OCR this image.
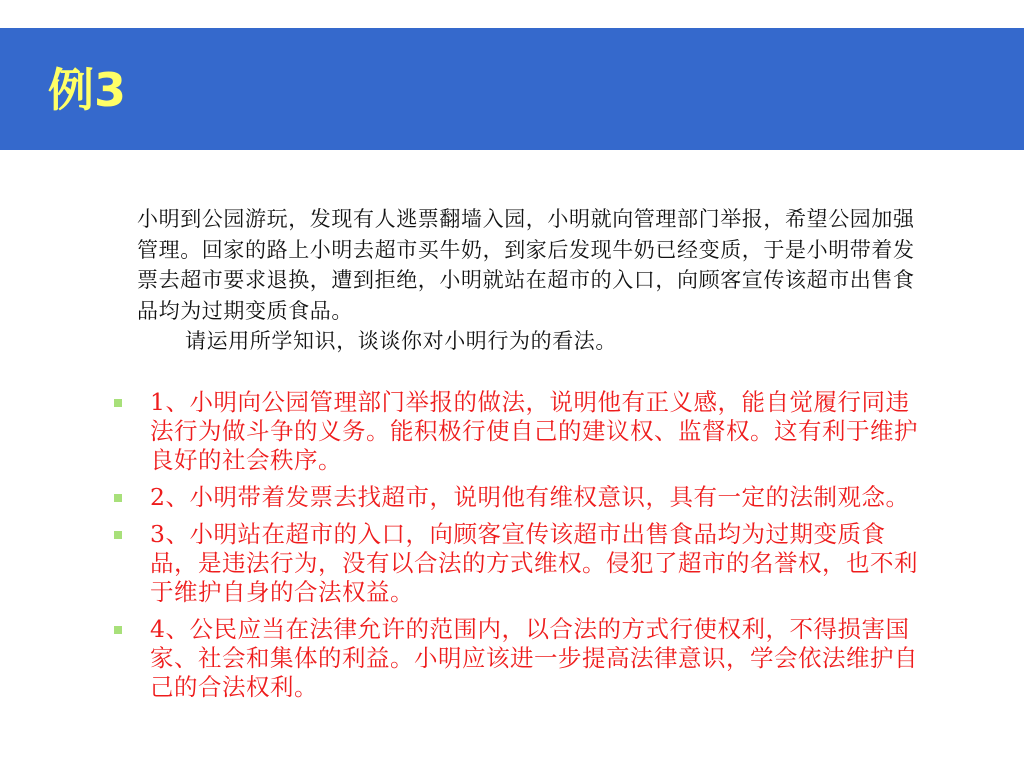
例3

小明到公园游玩，发现有人逃票翻墙入园，小明就向管理部门举报，希望公园加强管理。回家的路上小明去超市买牛奶，到家后发现牛奶已经变质，于是小明带着发票去超市要求退换，遭到拒绝，小明就站在超市的入口，向顾客宣传该超市出售食品均为过期变质食品。

请运用所学知识，谈谈你对小明行为的看法。

1、小明向公园管理部门举报的做法，说明他有正义感，能自觉履行同违法行为做斗争的义务。能积极行使自己的建议权、监督权。这有利于维护良好的社会秩序。
2、小明带着发票去找超市，说明他有维权意识，具有一定的法制观念。
3、小明站在超市的入口，向顾客宣传该超市出售食品均为过期变质食品，是违法行为，没有以合法的方式维权。侵犯了超市的名誉权，也不利于维护自身的合法权益。
4、公民应当在法律允许的范围内，以合法的方式行使权利，不得损害国家、社会和集体的利益。小明应该进一步提高法律意识，学会依法维护自己的合法权利。
